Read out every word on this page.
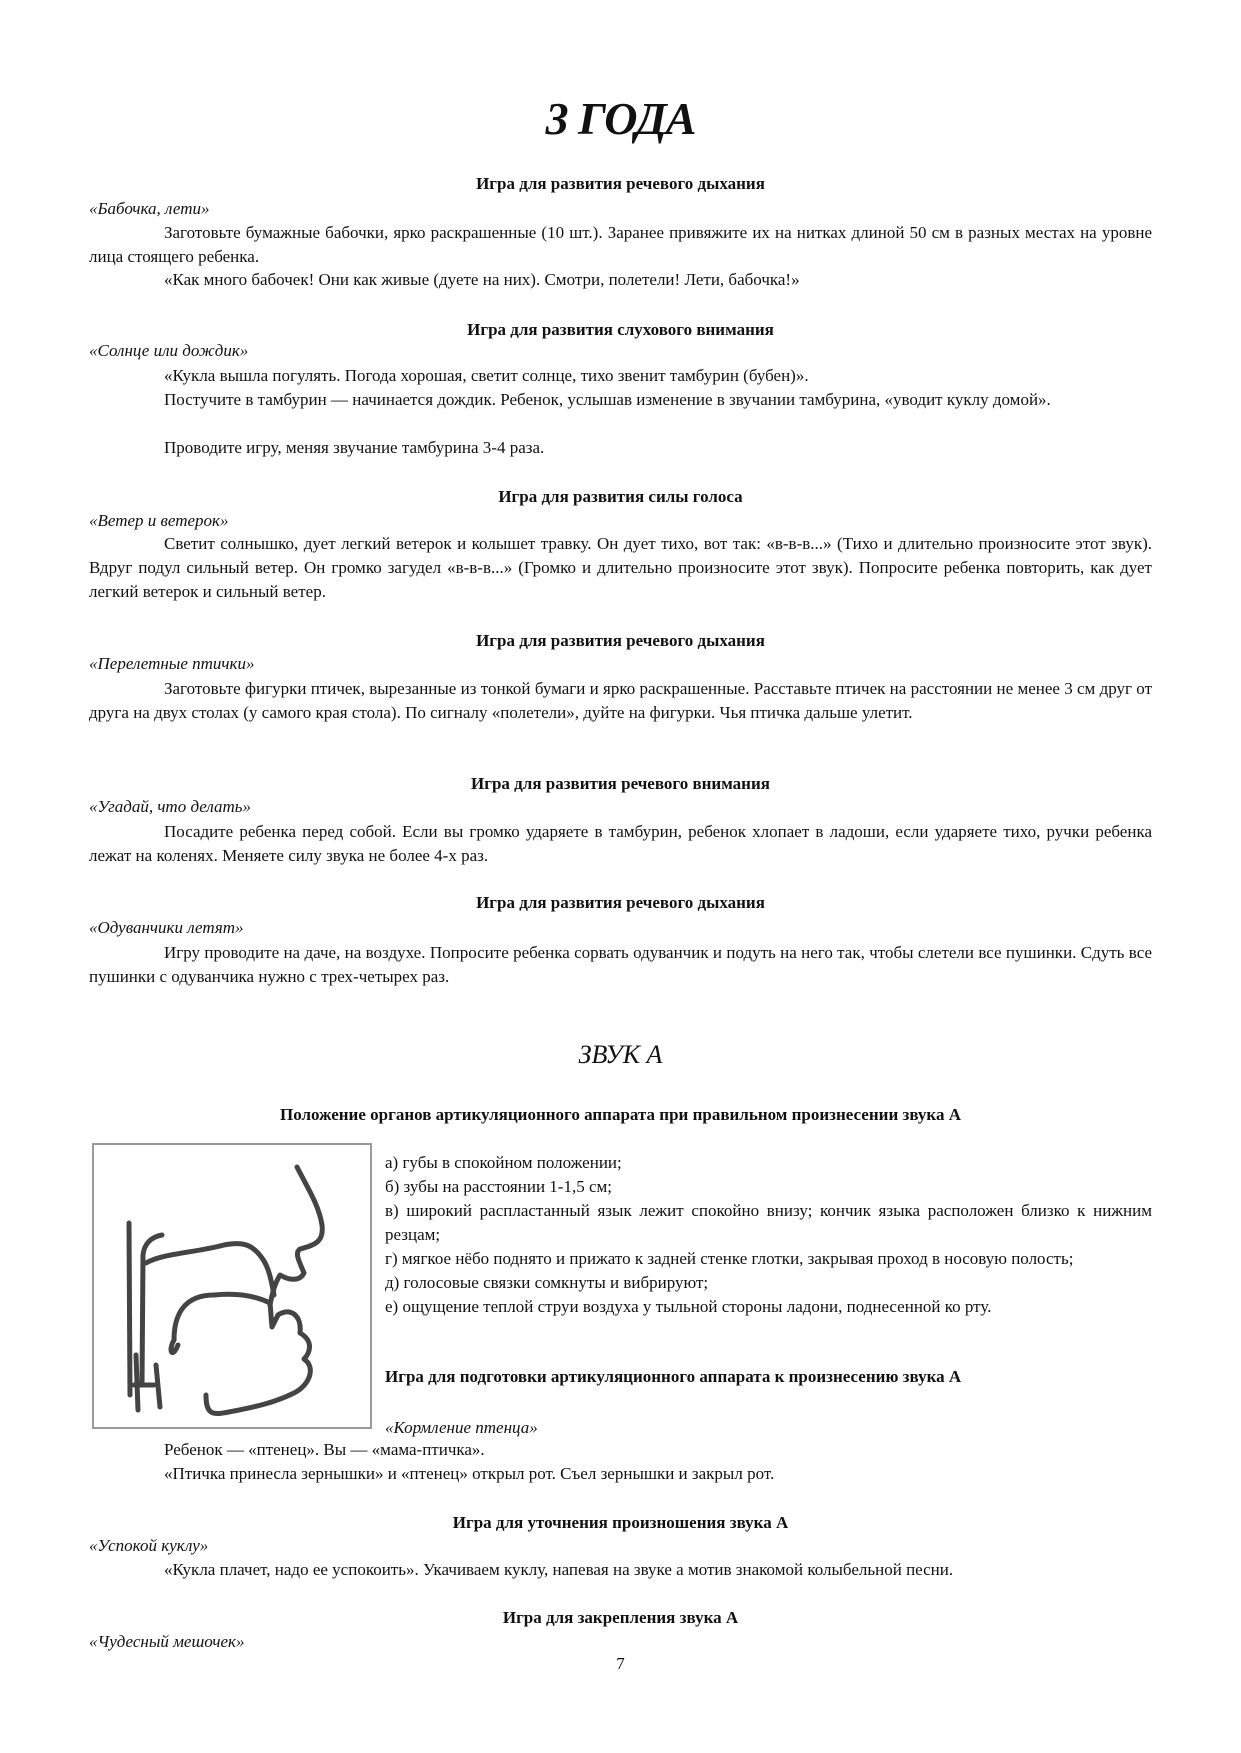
3 ГОДА
Игра для развития речевого дыхания
«Бабочка, лети»
Заготовьте бумажные бабочки, ярко раскрашенные (10 шт.). Заранее привяжите их на нитках длиной 50 см в разных местах на уровне лица стоящего ребенка.
«Как много бабочек! Они как живые (дуете на них). Смотри, полетели! Лети, бабочка!»
Игра для развития слухового внимания
«Солнце или дождик»
«Кукла вышла погулять. Погода хорошая, светит солнце, тихо звенит тамбурин (бубен)».
Постучите в тамбурин — начинается дождик. Ребенок, услышав изменение в звучании тамбурина, «уводит куклу домой».
Проводите игру, меняя звучание тамбурина 3-4 раза.
Игра для развития силы голоса
«Ветер и ветерок»
Светит солнышко, дует легкий ветерок и колышет травку. Он дует тихо, вот так: «в-в-в...» (Тихо и длительно произносите этот звук). Вдруг подул сильный ветер. Он громко загудел «в-в-в...» (Громко и длительно произносите этот звук). Попросите ребенка повторить, как дует легкий ветерок и сильный ветер.
Игра для развития речевого дыхания
«Перелетные птички»
Заготовьте фигурки птичек, вырезанные из тонкой бумаги и ярко раскрашенные. Расставьте птичек на расстоянии не менее 3 см друг от друга на двух столах (у самого края стола). По сигналу «полетели», дуйте на фигурки. Чья птичка дальше улетит.
Игра для развития речевого внимания
«Угадай, что делать»
Посадите ребенка перед собой. Если вы громко ударяете в тамбурин, ребенок хлопает в ладоши, если ударяете тихо, ручки ребенка лежат на коленях. Меняете силу звука не более 4-х раз.
Игра для развития речевого дыхания
«Одуванчики летят»
Игру проводите на даче, на воздухе. Попросите ребенка сорвать одуванчик и подуть на него так, чтобы слетели все пушинки. Сдуть все пушинки с одуванчика нужно с трех-четырех раз.
ЗВУК А
Положение органов артикуляционного аппарата при правильном произнесении звука А
а) губы в спокойном положении;
б) зубы на расстоянии 1-1,5 см;
в) широкий распластанный язык лежит спокойно внизу; кончик языка расположен близко к нижним резцам;
г) мягкое нёбо поднято и прижато к задней стенке глотки, закрывая проход в носовую полость;
д) голосовые связки сомкнуты и вибрируют;
е) ощущение теплой струи воздуха у тыльной стороны ладони, поднесенной ко рту.
Игра для подготовки артикуляционного аппарата к произнесению звука А
«Кормление птенца»
Ребенок — «птенец». Вы — «мама-птичка».
«Птичка принесла зернышки» и «птенец» открыл рот. Съел зернышки и закрыл рот.
Игра для уточнения произношения звука А
«Успокой куклу»
«Кукла плачет, надо ее успокоить». Укачиваем куклу, напевая на звуке а мотив знакомой колыбельной песни.
Игра для закрепления звука А
«Чудесный мешочек»
7
